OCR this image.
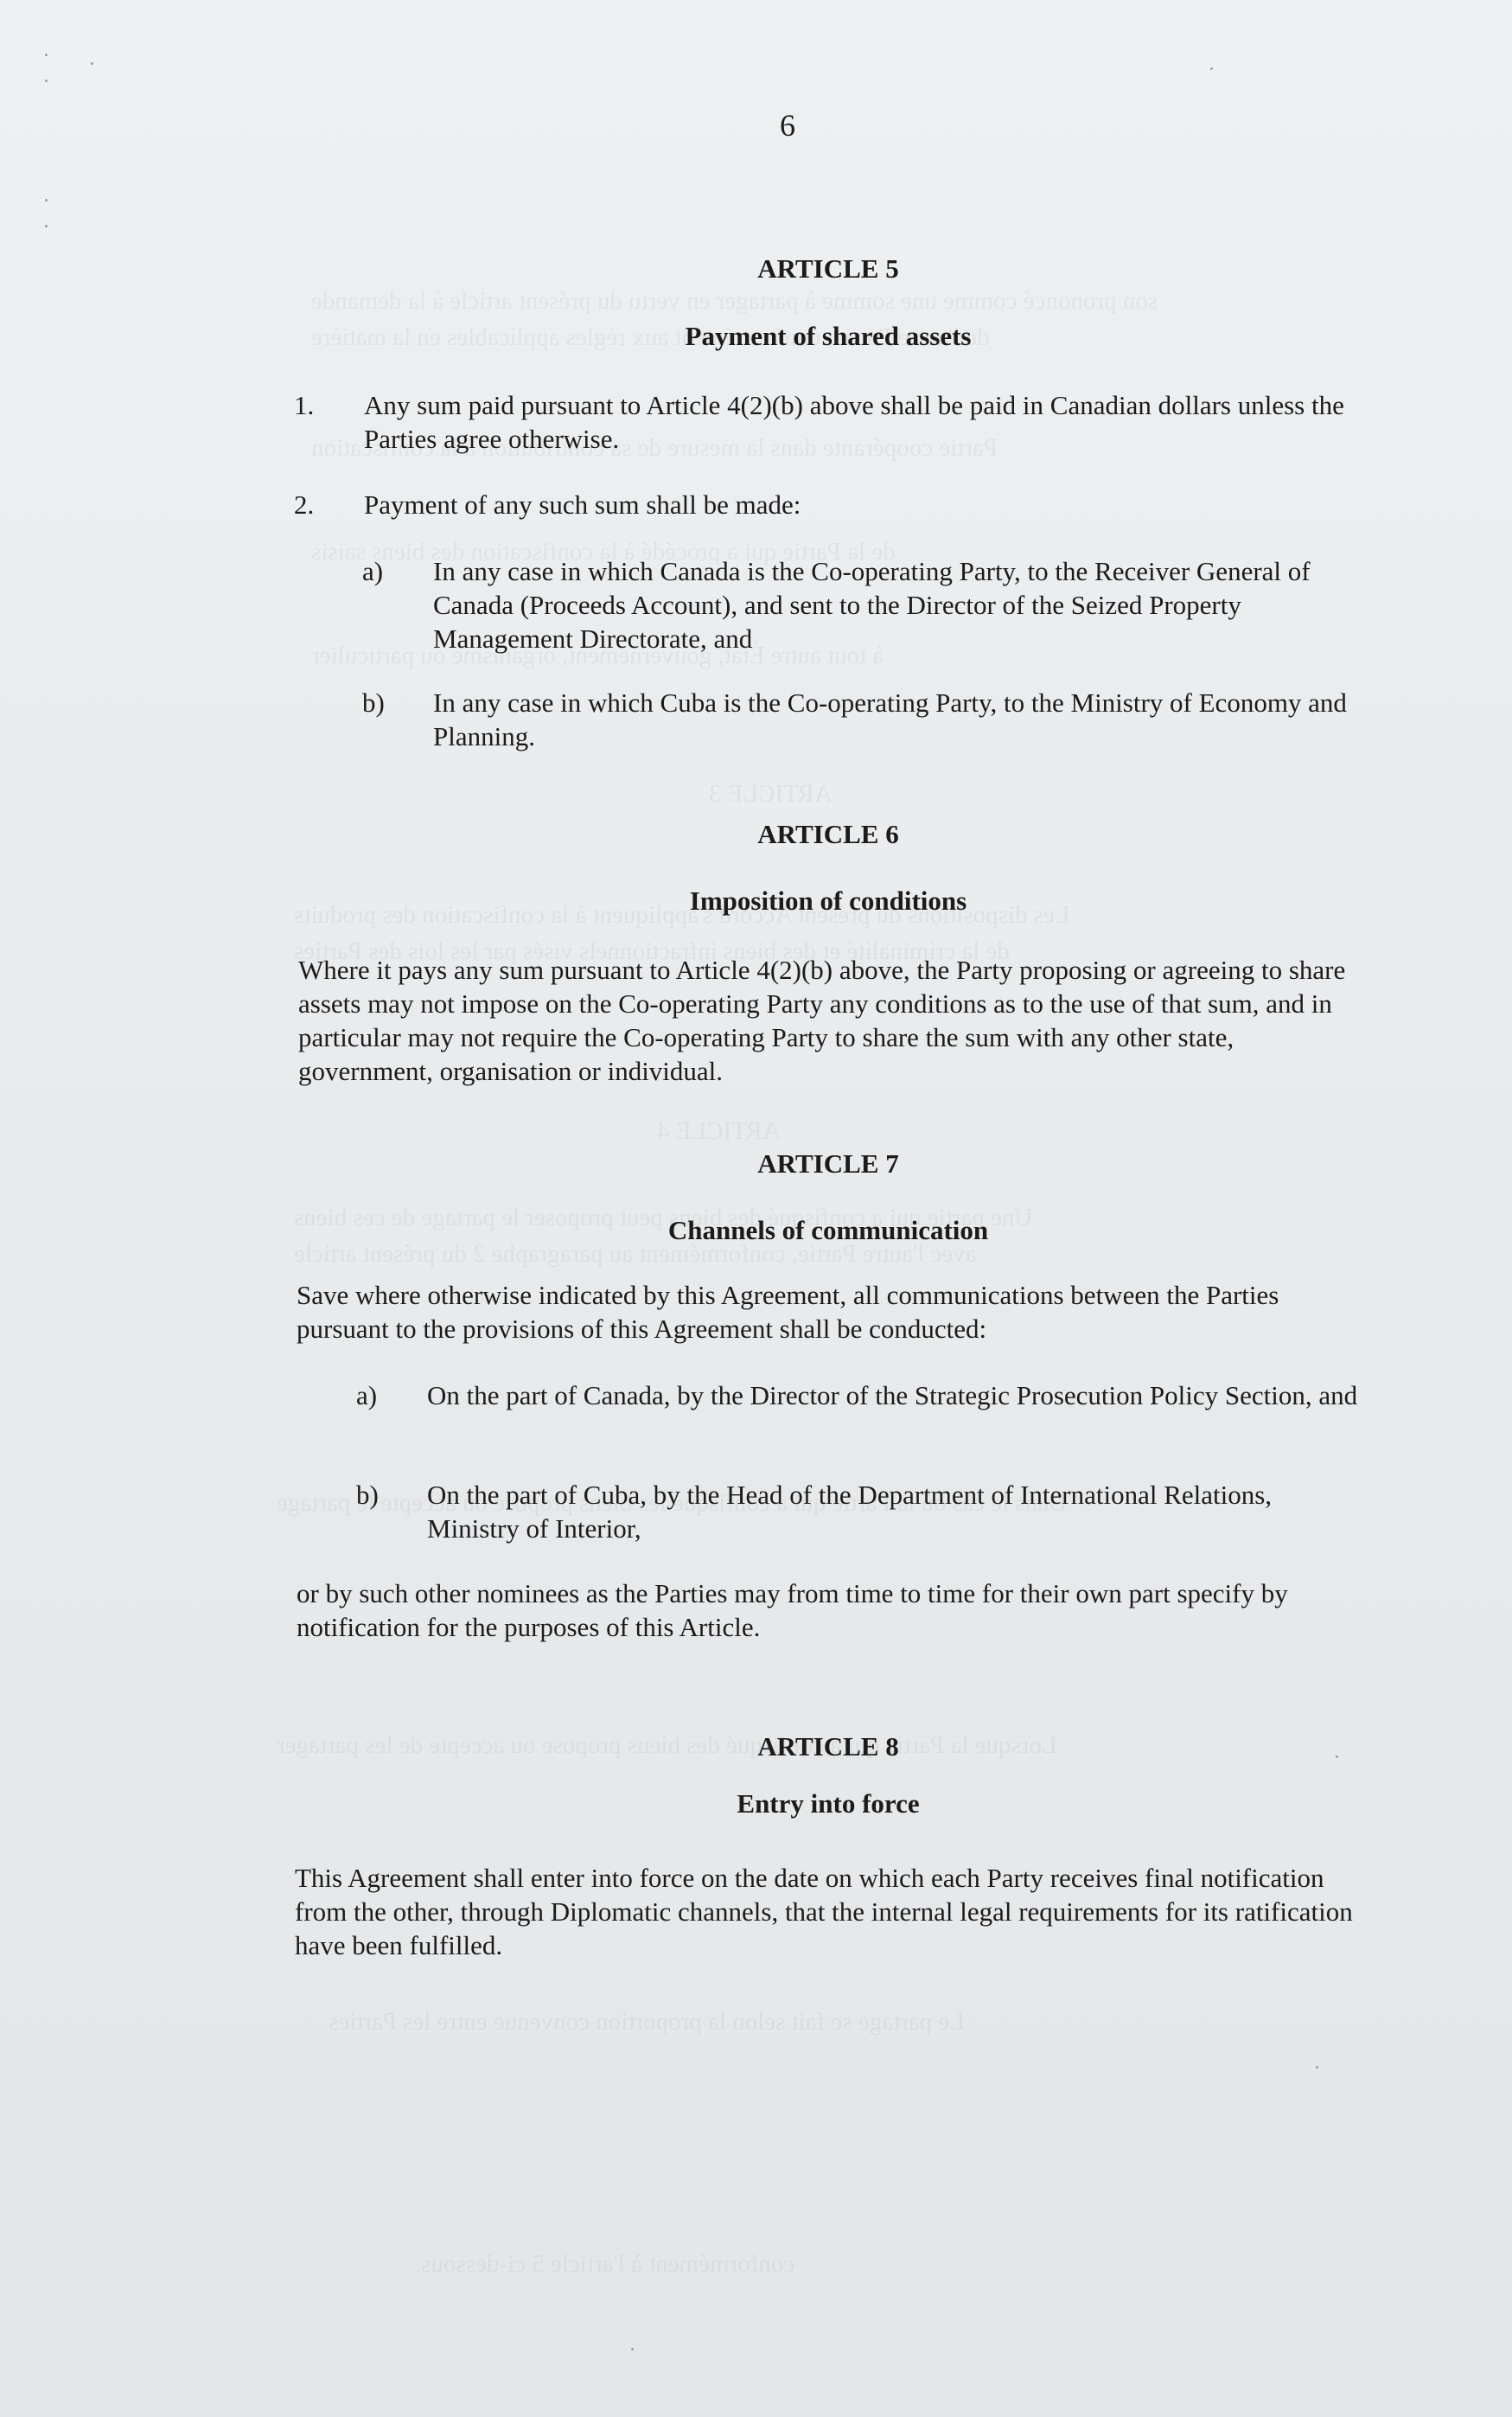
6

ARTICLE 5

Payment of shared assets

1. Any sum paid pursuant to Article 4(2)(b) above shall be paid in Canadian dollars unless the Parties agree otherwise.

2. Payment of any such sum shall be made:

a) In any case in which Canada is the Co-operating Party, to the Receiver General of Canada (Proceeds Account), and sent to the Director of the Seized Property Management Directorate, and

b) In any case in which Cuba is the Co-operating Party, to the Ministry of Economy and Planning.

ARTICLE 6

Imposition of conditions

Where it pays any sum pursuant to Article 4(2)(b) above, the Party proposing or agreeing to share assets may not impose on the Co-operating Party any conditions as to the use of that sum, and in particular may not require the Co-operating Party to share the sum with any other state, government, organisation or individual.

ARTICLE 7

Channels of communication

Save where otherwise indicated by this Agreement, all communications between the Parties pursuant to the provisions of this Agreement shall be conducted:

a) On the part of Canada, by the Director of the Strategic Prosecution Policy Section, and

b) On the part of Cuba, by the Head of the Department of International Relations, Ministry of Interior,

or by such other nominees as the Parties may from time to time for their own part specify by notification for the purposes of this Article.

ARTICLE 8

Entry into force

This Agreement shall enter into force on the date on which each Party receives final notification from the other, through Diplomatic channels, that the internal legal requirements for its ratification have been fulfilled.
